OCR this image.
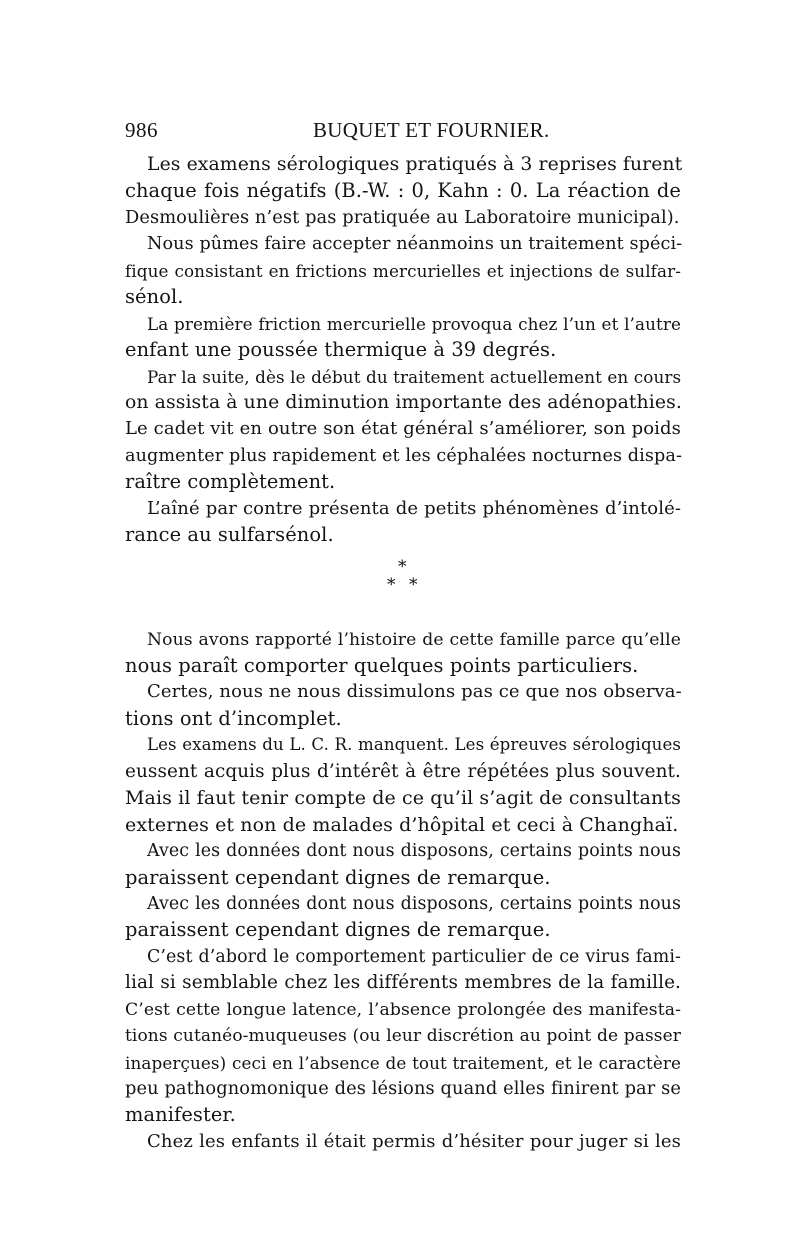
986	BUQUET ET FOURNIER.
Les examens sérologiques pratiqués à 3 reprises furent
chaque fois négatifs (B.-W. : 0, Kahn : 0. La réaction de
Desmoulières n’est pas pratiquée au Laboratoire municipal).
Nous pûmes faire accepter néanmoins un traitement spéci-
fique consistant en frictions mercurielles et injections de sulfar-
sénol.
La première friction mercurielle provoqua chez l’un et l’autre
enfant une poussée thermique à 39 degrés.
Par la suite, dès le début du traitement actuellement en cours
on assista à une diminution importante des adénopathies.
Le cadet vit en outre son état général s’améliorer, son poids
augmenter plus rapidement et les céphalées nocturnes dispa-
raître complètement.
L’aîné par contre présenta de petits phénomènes d’intolé-
rance au sulfarsénol.
*
* *
Nous avons rapporté l’histoire de cette famille parce qu’elle
nous paraît comporter quelques points particuliers.
Certes, nous ne nous dissimulons pas ce que nos observa-
tions ont d’incomplet.
Les examens du L. C. R. manquent. Les épreuves sérologiques
eussent acquis plus d’intérêt à être répétées plus souvent.
Mais il faut tenir compte de ce qu’il s’agit de consultants
externes et non de malades d’hôpital et ceci à Changhaï.
Avec les données dont nous disposons, certains points nous
paraissent cependant dignes de remarque.
Avec les données dont nous disposons, certains points nous
paraissent cependant dignes de remarque.
C’est d’abord le comportement particulier de ce virus fami-
lial si semblable chez les différents membres de la famille.
C’est cette longue latence, l’absence prolongée des manifesta-
tions cutanéo-muqueuses (ou leur discrétion au point de passer
inaperçues) ceci en l’absence de tout traitement, et le caractère
peu pathognomonique des lésions quand elles finirent par se
manifester.
Chez les enfants il était permis d’hésiter pour juger si les
